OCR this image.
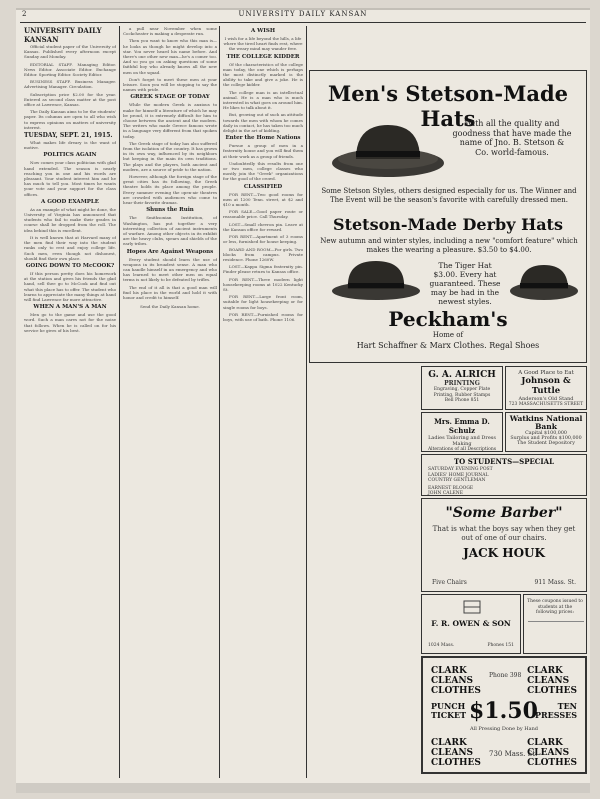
2	UNIVERSITY DAILY KANSAN
UNIVERSITY DAILY KANSAN

Official student paper of the University of Kansas. Published every afternoon except Sunday and Monday.

EDITORIAL STAFF. Managing Editor. News Editor. Associate Editor. Exchange Editor. Sporting Editor. Society Editor.

BUSINESS STAFF. Business Manager. Advertising Manager. Circulation.

Subscription price $2.00 for the year. Entered as second class matter at the post office at Lawrence, Kansas.

The Daily Kansan aims to be the students' paper. Its columns are open to all who wish to express opinions on matters of university interest.

TUESDAY, SEPT. 21, 1915.

What makes life dreary is the want of motive.

POLITICS AGAIN

Now comes your class politician with glad hand extended. The season is nearly reaching you in one and his words are pleasant. Your student interest him and he has much to tell you. Most times he wants your vote and your support for the class offices.

A GOOD EXAMPLE

As an example of what might be done, the University of Virginia has announced that students who fail to make their grades in course shall be dropped from the roll. The idea behind this is excellent.

It is well known that at Harvard many of the men find their way into the student ranks only to rest and enjoy college life. Such men, even though not dishonest, should find their own place.

GOING DOWN TO McCOOK?

If this person pretty does his homework at the station and gives his friends the glad hand, sell thee go to McCook and find out what this place has to offer. The student who learns to appreciate the many things at hand will find Lawrence far more attractive.

WHEN A MAN'S A MAN

Men go to the game and use the good word. Such a man cares not for the noise that follows. When he is called on for his service he gives of his best.

a pull near November when some Cockcheater is making a desperate run.

Then you want to know who this man is—he looks as though he might develop into a star. You never heard his name before. And there's one other new man—he's a comer too. And so you go on asking questions of some faithful boy who already knows all the new men on the squad.

Don't forget to meet these men at your leisure. Soon you will be stopping to say the names with pride.

GREEK STAGE OF TODAY

While the modern Greek is anxious to make for himself a literature of which he may be proud, it is extremely difficult for him to choose between the ancient and the modern. The writers who made Greece famous wrote in a language very different from that spoken today.

The Greek stage of today has also suffered from the isolation of the country. It has grown in its own way, influenced by its neighbors but keeping in the main its own traditions. The plays and the players, both ancient and modern, are a source of pride to the nation.

However, although the foreign stage of the great cities has its following, the Greek theatre holds its place among the people. Every summer evening the open-air theatres are crowded with audiences who come to hear their favorite dramas.

Shuns the Ruin

The Smithsonian Institution, of Washington, has put together a very interesting collection of ancient instruments of warfare. Among other objects in its exhibit are the heavy clubs, spears and shields of the early tribes.

Hopes Are Against Weapons

Every student should learn the use of weapons in its broadest sense. A man who can handle himself in an emergency and who has learned to meet other men on equal terms is not likely to be defeated by trifles.

The end of it all is that a good man will find his place in the world and hold it with honor and credit to himself.

Send the Daily Kansan home.

A WISH

I wish for a life beyond the hills, a life where the tired heart finds rest, where the weary mind may wander free.

THE COLLEGE KIDDER

Of the characteristics of the college man today, the one which is perhaps the most distinctly marked is the ability to take and give a joke. He is the college kidder.

The college man is an intellectual animal. He is a man who is much interested in what goes on around him. He likes to talk about it.

But, growing out of such an attitude towards the men with whom he comes daily in contact, he has taken too much delight in the art of kidding.

Enter the Home Nations

Pursue a group of men in a fraternity house and you will find them at their work as a group of friends.

Undoubtedly this results from one or two men, college classes who mostly join the "Greek" organizations for the good of the crowd.

CLASSIFIED

FOR RENT—Two good rooms for men at 1200 Tenn. street, at $2 and $10 a month.

FOR SALE—Good paper route or reasonable price. Call Thursday.

LOST—Small chevron pin. Leave at the Kansan office for reward.

FOR RENT—Apartment of 3 rooms or less, furnished for house keeping.

BOARD AND ROOM—For girls. Two blocks from campus. Private residence. Phone 1260W.

LOST—Kappa Sigma fraternity pin. Finder please return to Kansas office.

FOR RENT—Three modern light housekeeping rooms at 1022 Kentucky St.

FOR RENT—Large front room, suitable for light housekeeping or for single rooms for boys.

FOR RENT—Furnished rooms for boys, with use of bath. Phone 1106.

Men's Stetson-Made Hats
With all the quality and goodness that have made the name of Jno. B. Stetson & Co. world-famous.
Some Stetson Styles, others designed especially for us. The Winner and The Event will be the season's favorite with carefully dressed men.
Stetson-Made Derby Hats
New autumn and winter styles, including a new "comfort feature" which makes the wearing a pleasure. $3.50 to $4.00.
The Tiger Hat $3.00. Every hat guaranteed. These may be had in the newest styles.
Peckham's
Home of
Hart Schaffner & Marx Clothes. Regal Shoes
G. A. ALRICH
PRINTING
Engraving, Copper Plate Printing, Rubber Stamps
Bell Phone 851
A Good Place to Eat
Johnson & Tuttle
Anderson's Old Stand
723 MASSACHUSETTS STREET
Mrs. Emma D. Schulz
Ladies Tailoring and Dress Making
Alterations of all Descriptions
Watkins National Bank
Capital $100,000
Surplus and Profits $100,000
The Student Depository
TO STUDENTS—SPECIAL
SATURDAY EVENING POST
LADIES' HOME JOURNAL
COUNTRY GENTLEMAN
EARNEST BLOOGE
JOHN CALENE
"Some Barber"
That is what the boys say when they get out of one of our chairs.
JACK HOUK
Five Chairs	911 Mass. St.
F. R. OWEN & SON
1024 Mass.	Phones 151
These coupons issued to students at the following prices:
CLARK
CLEANS
CLOTHES
Phone 398 CLARK
CLEANS
CLOTHES
PUNCH
TICKET $1.50	TEN
PRESSES
All Pressing Done by Hand
CLARK
CLEANS
CLOTHES
730 Mass. St.
CLARK
CLEANS
CLOTHES
